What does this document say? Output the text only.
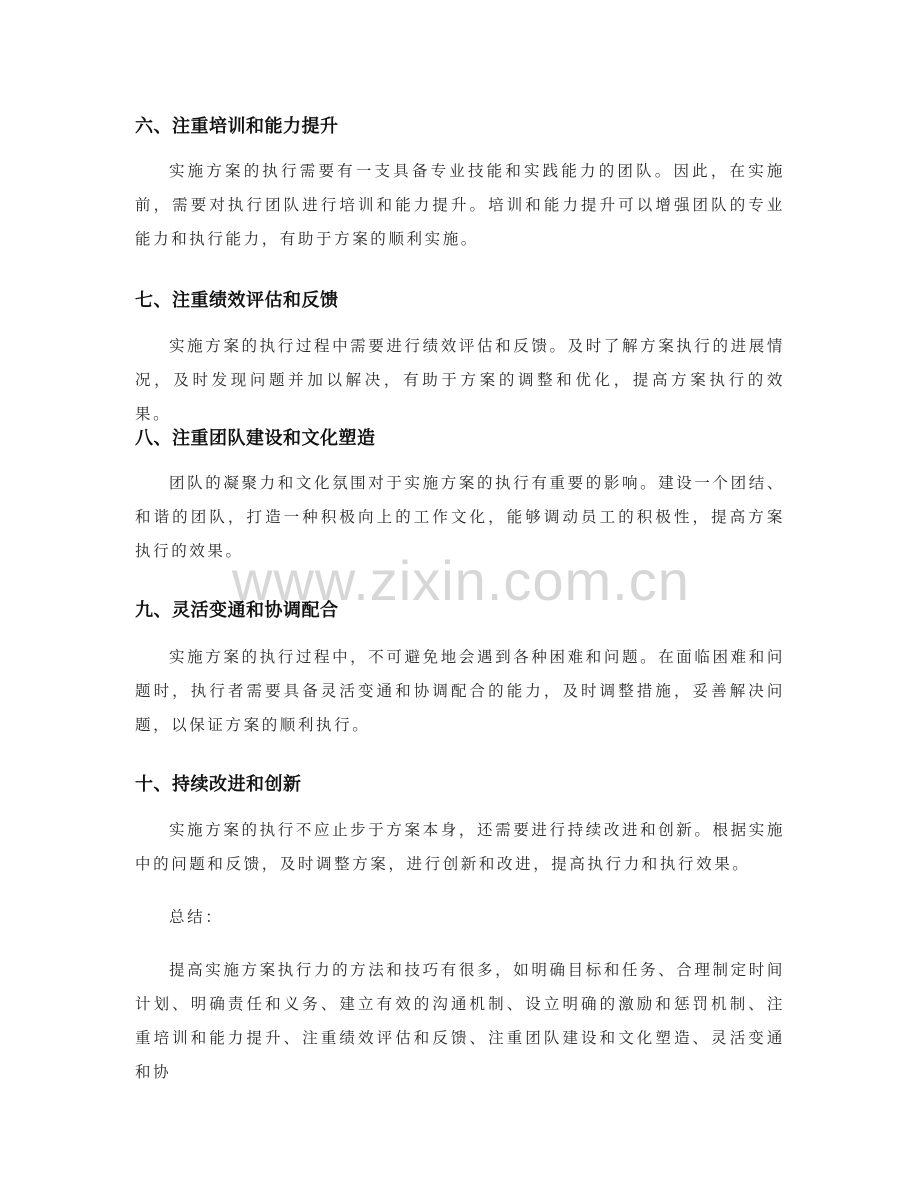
六、注重培训和能力提升
实施方案的执行需要有一支具备专业技能和实践能力的团队。因此，在实施前，需要对执行团队进行培训和能力提升。培训和能力提升可以增强团队的专业能力和执行能力，有助于方案的顺利实施。
七、注重绩效评估和反馈
实施方案的执行过程中需要进行绩效评估和反馈。及时了解方案执行的进展情况，及时发现问题并加以解决，有助于方案的调整和优化，提高方案执行的效果。
八、注重团队建设和文化塑造
团队的凝聚力和文化氛围对于实施方案的执行有重要的影响。建设一个团结、和谐的团队，打造一种积极向上的工作文化，能够调动员工的积极性，提高方案执行的效果。
九、灵活变通和协调配合
实施方案的执行过程中，不可避免地会遇到各种困难和问题。在面临困难和问题时，执行者需要具备灵活变通和协调配合的能力，及时调整措施，妥善解决问题，以保证方案的顺利执行。
十、持续改进和创新
实施方案的执行不应止步于方案本身，还需要进行持续改进和创新。根据实施中的问题和反馈，及时调整方案，进行创新和改进，提高执行力和执行效果。
总结：
提高实施方案执行力的方法和技巧有很多，如明确目标和任务、合理制定时间计划、明确责任和义务、建立有效的沟通机制、设立明确的激励和惩罚机制、注重培训和能力提升、注重绩效评估和反馈、注重团队建设和文化塑造、灵活变通和协
www.zixin.com.cn
